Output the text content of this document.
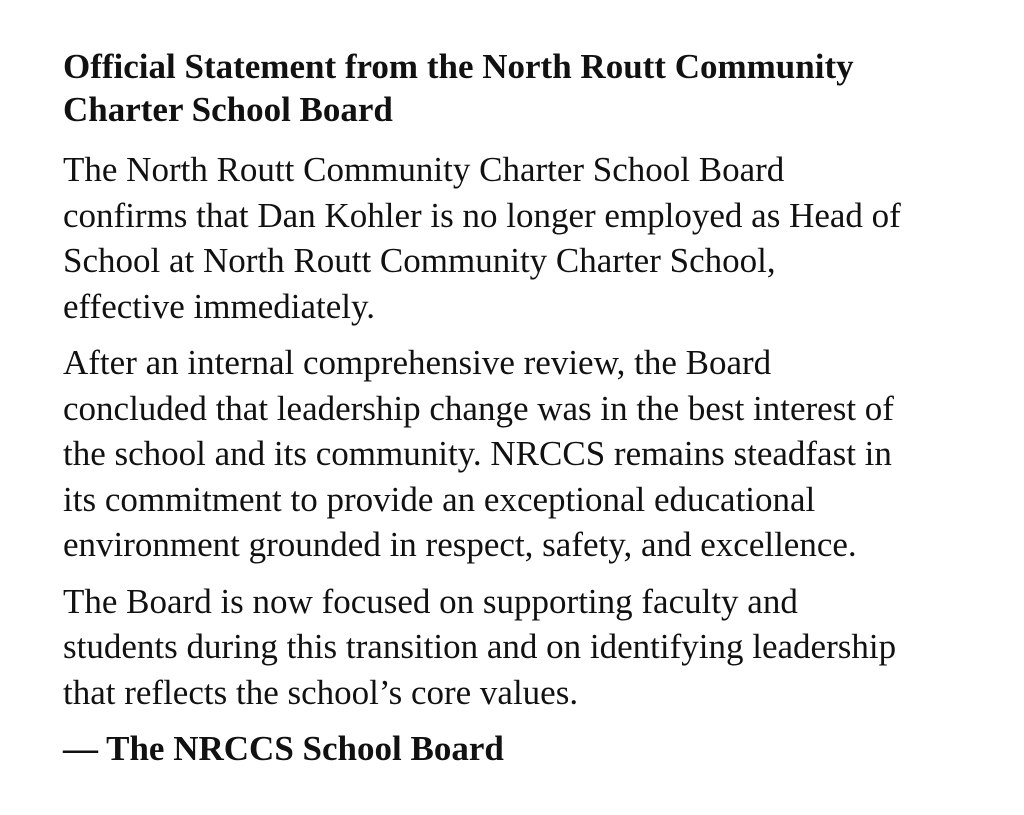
Official Statement from the North Routt Community
Charter School Board

The North Routt Community Charter School Board
confirms that Dan Kohler is no longer employed as Head of
School at North Routt Community Charter School,
effective immediately.

After an internal comprehensive review, the Board
concluded that leadership change was in the best interest of
the school and its community. NRCCS remains steadfast in
its commitment to provide an exceptional educational
environment grounded in respect, safety, and excellence.

The Board is now focused on supporting faculty and
students during this transition and on identifying leadership
that reflects the school’s core values.

— The NRCCS School Board
